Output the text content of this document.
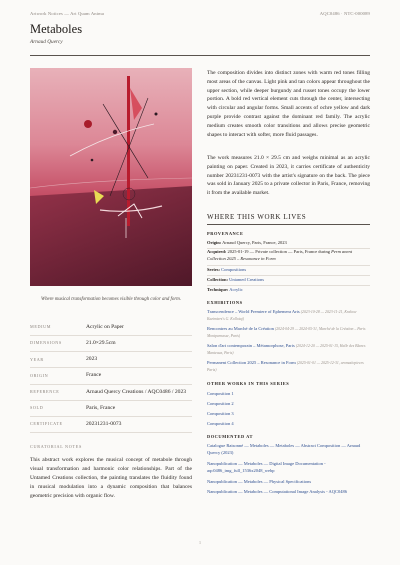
Artwork Notices — Art Quam Anima	AQC0486 · NTC-000089
Metaboles
Arnaud Quercy
Where musical transformation becomes visible through color and form.
MEDIUM	Acrylic on Paper
DIMENSIONS	21.0×29.5cm
YEAR	2023
ORIGIN	France
REFERENCE	Arnaud Quercy Creations / AQC0486 / 2023
SOLD	Paris, France
CERTIFICATE	20231231-0073
CURATORIAL NOTES
This abstract work explores the musical concept of metabole through visual transformation and harmonic color relationships. Part of the Untamed Creations collection, the painting translates the fluidity found in musical modulation into a dynamic composition that balances geometric precision with organic flow.

The composition divides into distinct zones with warm red tones filling most areas of the canvas. Light pink and tan colors appear throughout the upper section, while deeper burgundy and russet tones occupy the lower portion. A bold red vertical element cuts through the center, intersecting with circular and angular forms. Small accents of ochre yellow and dark purple provide contrast against the dominant red family. The acrylic medium creates smooth color transitions and allows precise geometric shapes to interact with softer, more fluid passages.

The work measures 21.0 × 29.5 cm and weighs minimal as an acrylic painting on paper. Created in 2023, it carries certificate of authenticity number 20231231-0073 with the artist's signature on the back. The piece was sold in January 2025 to a private collector in Paris, France, removing it from the available market.

WHERE THIS WORK LIVES
PROVENANCE
Origin: Arnaud Quercy, Paris, France, 2023
Acquired: 2025-01-19 — Private collection — Paris, France during Perm anent Collection 2025 – Resonance in Form
Series: Compositions
Collection: Untamed Creations
Technique: Acrylic
EXHIBITIONS
Transcendence – World Premiere of Ephemera Arts (2023-10-28 — 2023-11-21, Krakow Kazimierz's G. Kollotaj)
Rencontres au Marché de la Création (2024-04-29 — 2024-05-31, Marché de la Création – Paris Montparnasse, Paris)
Salon d'art contemporain – Métamorphose, Paris (2024-12-20 — 2025-01-15, Halle des Blancs Manteaux, Paris)
Permanent Collection 2025 – Resonance in Form (2025-01-01 — 2025-12-31, aromaticpieces Paris)
OTHER WORKS IN THIS SERIES
Composition 1
Composition 2
Composition 3
Composition 4
DOCUMENTED AT
Catalogue Raisonné — Metaboles — Metaboles — Abstract Composition — Arnaud Quercy (2023)
Nanopublication — Metaboles — Digital Image Documentation - aqc0486_img_full_1536x2048_webp
Nanopublication — Metaboles — Physical Specifications
Nanopublication — Metaboles — Computational Image Analysis - AQC0486
1
